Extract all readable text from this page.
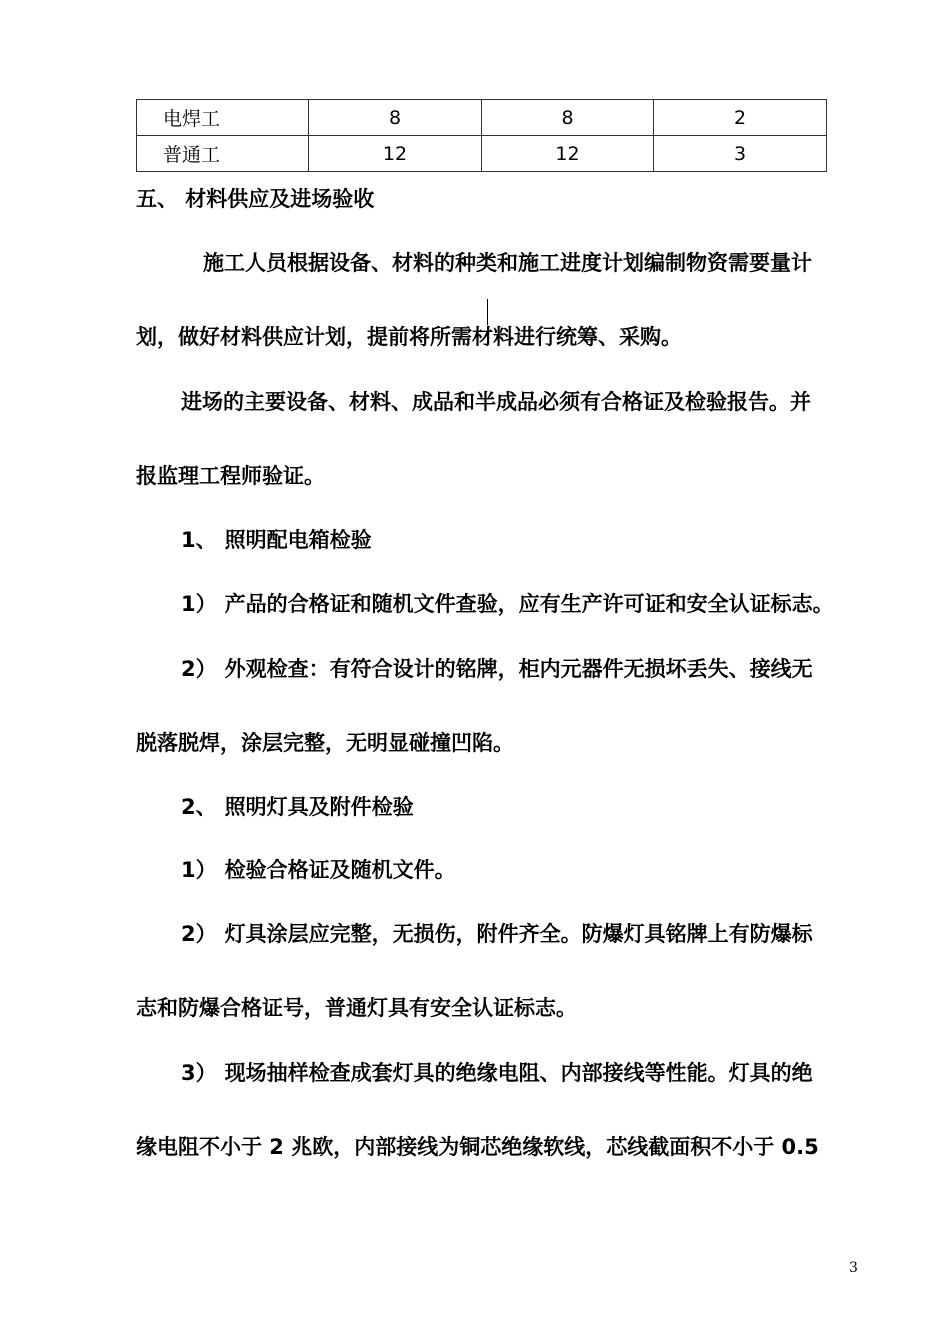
电焊工	8	8	2
普通工	12	12	3
五、 材料供应及进场验收
施工人员根据设备、材料的种类和施工进度计划编制物资需要量计
划，做好材料供应计划，提前将所需材料进行统筹、采购。
进场的主要设备、材料、成品和半成品必须有合格证及检验报告。并
报监理工程师验证。
1、 照明配电箱检验
1） 产品的合格证和随机文件查验，应有生产许可证和安全认证标志。
2） 外观检查：有符合设计的铭牌，柜内元器件无损坏丢失、接线无
脱落脱焊，涂层完整，无明显碰撞凹陷。
2、 照明灯具及附件检验
1） 检验合格证及随机文件。
2） 灯具涂层应完整，无损伤，附件齐全。防爆灯具铭牌上有防爆标
志和防爆合格证号，普通灯具有安全认证标志。
3） 现场抽样检查成套灯具的绝缘电阻、内部接线等性能。灯具的绝
缘电阻不小于 2 兆欧，内部接线为铜芯绝缘软线，芯线截面积不小于 0.5
3
